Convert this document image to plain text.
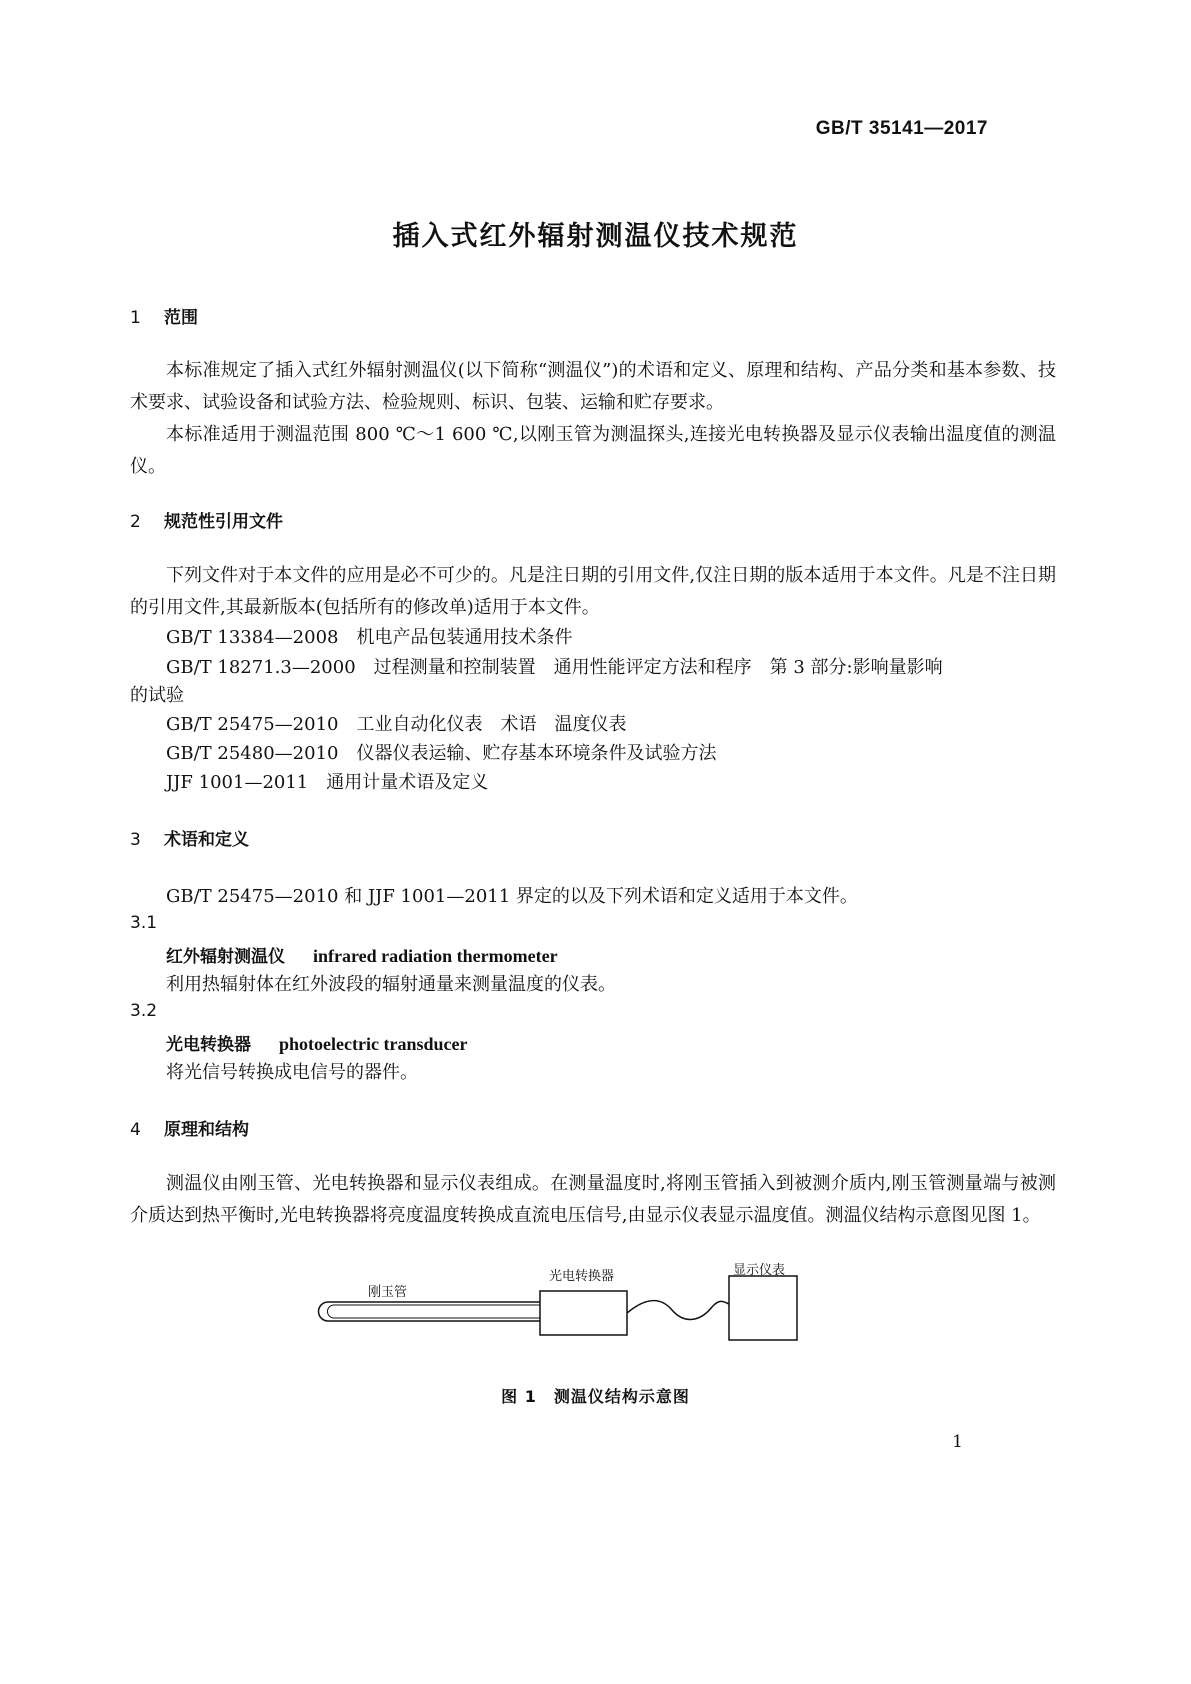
GB/T 35141—2017
插入式红外辐射测温仪技术规范
1 范围
本标准规定了插入式红外辐射测温仪(以下简称“测温仪”)的术语和定义、原理和结构、产品分类和基本参数、技术要求、试验设备和试验方法、检验规则、标识、包装、运输和贮存要求。
本标准适用于测温范围 800 ℃～1 600 ℃,以刚玉管为测温探头,连接光电转换器及显示仪表输出温度值的测温仪。
2 规范性引用文件
下列文件对于本文件的应用是必不可少的。凡是注日期的引用文件,仅注日期的版本适用于本文件。凡是不注日期的引用文件,其最新版本(包括所有的修改单)适用于本文件。
GB/T 13384—2008　机电产品包装通用技术条件
GB/T 18271.3—2000　过程测量和控制装置　通用性能评定方法和程序　第 3 部分:影响量影响
的试验
GB/T 25475—2010　工业自动化仪表　术语　温度仪表
GB/T 25480—2010　仪器仪表运输、贮存基本环境条件及试验方法
JJF 1001—2011　通用计量术语及定义
3 术语和定义
GB/T 25475—2010 和 JJF 1001—2011 界定的以及下列术语和定义适用于本文件。
3.1
红外辐射测温仪 infrared radiation thermometer
利用热辐射体在红外波段的辐射通量来测量温度的仪表。
3.2
光电转换器 photoelectric transducer
将光信号转换成电信号的器件。
4 原理和结构
测温仪由刚玉管、光电转换器和显示仪表组成。在测量温度时,将刚玉管插入到被测介质内,刚玉管测量端与被测介质达到热平衡时,光电转换器将亮度温度转换成直流电压信号,由显示仪表显示温度值。测温仪结构示意图见图 1。
刚玉管
光电转换器	显示仪表
图 1　测温仪结构示意图
1
